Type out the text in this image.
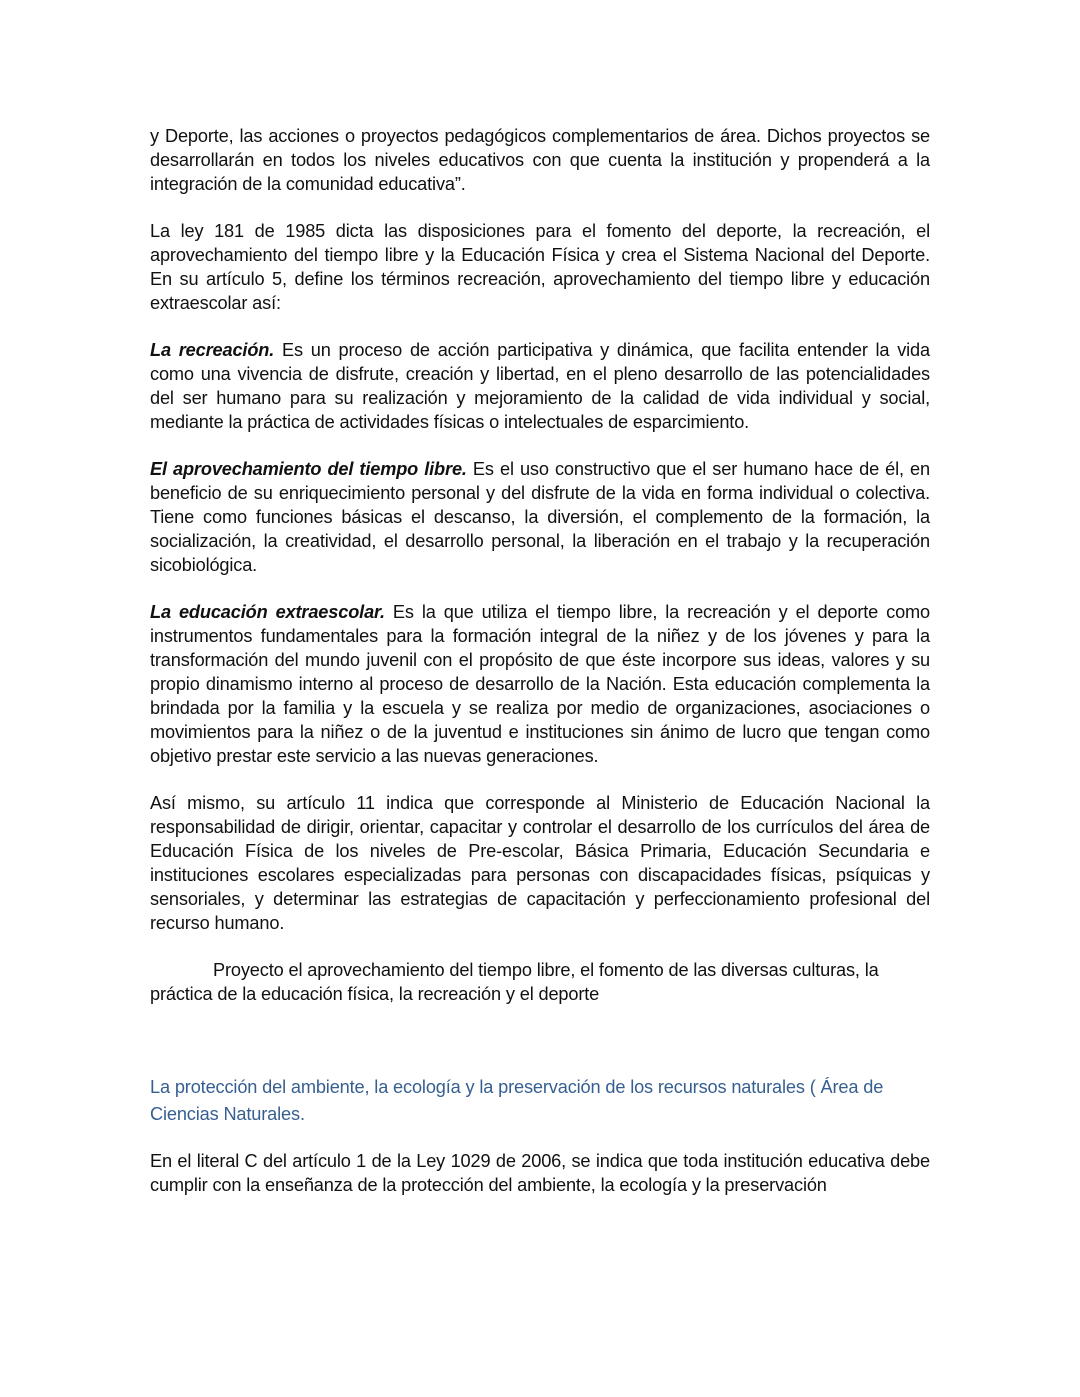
y Deporte, las acciones o proyectos pedagógicos complementarios de área. Dichos proyectos se desarrollarán en todos los niveles educativos con que cuenta la institución y propenderá a la integración de la comunidad educativa”.

La ley 181 de 1985 dicta las disposiciones para el fomento del deporte, la recreación, el aprovechamiento del tiempo libre y la Educación Física y crea el Sistema Nacional del Deporte. En su artículo 5, define los términos recreación, aprovechamiento del tiempo libre y educación extraescolar así:

La recreación. Es un proceso de acción participativa y dinámica, que facilita entender la vida como una vivencia de disfrute, creación y libertad, en el pleno desarrollo de las potencialidades del ser humano para su realización y mejoramiento de la calidad de vida individual y social, mediante la práctica de actividades físicas o intelectuales de esparcimiento.

El aprovechamiento del tiempo libre. Es el uso constructivo que el ser humano hace de él, en beneficio de su enriquecimiento personal y del disfrute de la vida en forma individual o colectiva. Tiene como funciones básicas el descanso, la diversión, el complemento de la formación, la socialización, la creatividad, el desarrollo personal, la liberación en el trabajo y la recuperación sicobiológica.

La educación extraescolar. Es la que utiliza el tiempo libre, la recreación y el deporte como instrumentos fundamentales para la formación integral de la niñez y de los jóvenes y para la transformación del mundo juvenil con el propósito de que éste incorpore sus ideas, valores y su propio dinamismo interno al proceso de desarrollo de la Nación. Esta educación complementa la brindada por la familia y la escuela y se realiza por medio de organizaciones, asociaciones o movimientos para la niñez o de la juventud e instituciones sin ánimo de lucro que tengan como objetivo prestar este servicio a las nuevas generaciones.

Así mismo, su artículo 11 indica que corresponde al Ministerio de Educación Nacional la responsabilidad de dirigir, orientar, capacitar y controlar el desarrollo de los currículos del área de Educación Física de los niveles de Pre-escolar, Básica Primaria, Educación Secundaria e instituciones escolares especializadas para personas con discapacidades físicas, psíquicas y sensoriales, y determinar las estrategias de capacitación y perfeccionamiento profesional del recurso humano.

Proyecto el aprovechamiento del tiempo libre, el fomento de las diversas culturas, la práctica de la educación física, la recreación y el deporte

La protección del ambiente, la ecología y la preservación de los recursos naturales ( Área de Ciencias Naturales.

En el literal C del artículo 1 de la Ley 1029 de 2006, se indica que toda institución educativa debe cumplir con la enseñanza de la protección del ambiente, la ecología y la preservación
